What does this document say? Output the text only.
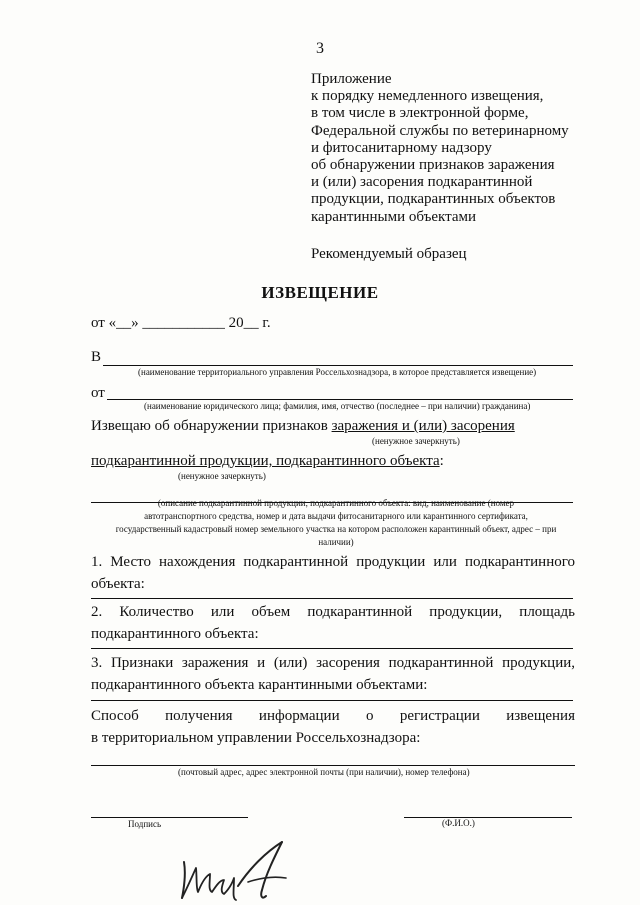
3
Приложение
к порядку немедленного извещения,
в том числе в электронной форме,
Федеральной службы по ветеринарному
и фитосанитарному надзору
об обнаружении признаков заражения
и (или) засорения подкарантинной
продукции, подкарантинных объектов
карантинными объектами
Рекомендуемый образец
ИЗВЕЩЕНИЕ
от «__» ___________ 20__ г.
В
(наименование территориального управления Россельхознадзора, в которое представляется извещение)
от
(наименование юридического лица; фамилия, имя, отчество (последнее – при наличии) гражданина)
Извещаю об обнаружении признаков заражения и (или) засорения
(ненужное зачеркнуть)
подкарантинной продукции, подкарантинного объекта:
(ненужное зачеркнуть)
(описание подкарантинной продукции, подкарантинного объекта: вид, наименование (номер
автотранспортного средства, номер и дата выдачи фитосанитарного или карантинного сертификата,
государственный кадастровый номер земельного участка на котором расположен карантинный объект, адрес – при
наличии)
1. Место нахождения подкарантинной продукции или подкарантинного
объекта:
2. Количество или объем подкарантинной продукции, площадь
подкарантинного объекта:
3. Признаки заражения и (или) засорения подкарантинной продукции,
подкарантинного объекта карантинными объектами:
Способ получения информации о регистрации извещения
в территориальном управлении Россельхознадзора:
(почтовый адрес, адрес электронной почты (при наличии), номер телефона)
Подпись	(Ф.И.О.)
